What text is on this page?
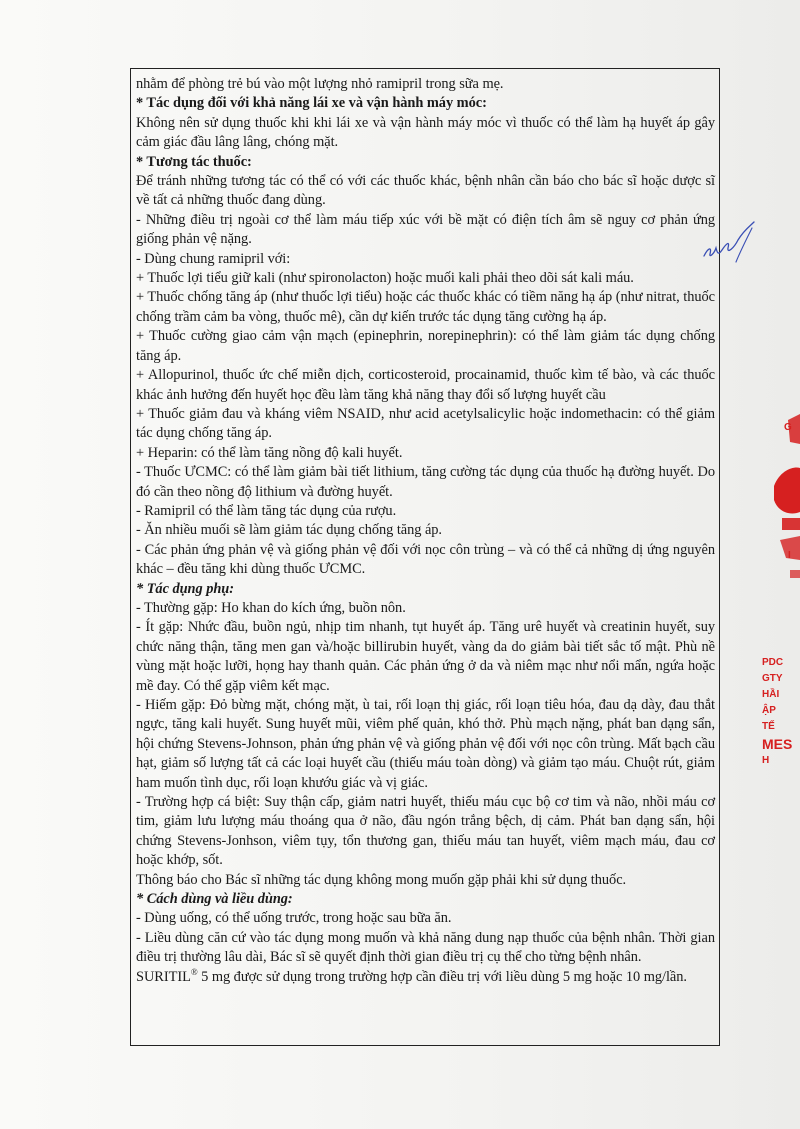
nhằm để phòng trẻ bú vào một lượng nhỏ ramipril trong sữa mẹ.

* Tác dụng đối với khả năng lái xe và vận hành máy móc:

Không nên sử dụng thuốc khi khi lái xe và vận hành máy móc vì thuốc có thể làm hạ huyết áp gây cảm giác đầu lâng lâng, chóng mặt.

* Tương tác thuốc:

Để tránh những tương tác có thể có với các thuốc khác, bệnh nhân cần báo cho bác sĩ hoặc dược sĩ về tất cả những thuốc đang dùng.

- Những điều trị ngoài cơ thể làm máu tiếp xúc với bề mặt có điện tích âm sẽ nguy cơ phản ứng giống phản vệ nặng.

- Dùng chung ramipril với:

+ Thuốc lợi tiểu giữ kali (như spironolacton) hoặc muối kali phải theo dõi sát kali máu.

+ Thuốc chống tăng áp (như thuốc lợi tiểu) hoặc các thuốc khác có tiềm năng hạ áp (như nitrat, thuốc chống trầm cảm ba vòng, thuốc mê), cần dự kiến trước tác dụng tăng cường hạ áp.

+ Thuốc cường giao cảm vận mạch (epinephrin, norepinephrin): có thể làm giảm tác dụng chống tăng áp.

+ Allopurinol, thuốc ức chế miễn dịch, corticosteroid, procainamid, thuốc kìm tế bào, và các thuốc khác ảnh hưởng đến huyết học đều làm tăng khả năng thay đổi số lượng huyết cầu

+ Thuốc giảm đau và kháng viêm NSAID, như acid acetylsalicylic hoặc indomethacin: có thể giảm tác dụng chống tăng áp.

+ Heparin: có thể làm tăng nồng độ kali huyết.

- Thuốc ƯCMC: có thể làm giảm bài tiết lithium, tăng cường tác dụng của thuốc hạ đường huyết. Do đó cần theo nồng độ lithium và đường huyết.

- Ramipril có thể làm tăng tác dụng của rượu.

- Ăn nhiều muối sẽ làm giảm tác dụng chống tăng áp.

- Các phản ứng phản vệ và giống phản vệ đối với nọc côn trùng – và có thể cả những dị ứng nguyên khác – đều tăng khi dùng thuốc ƯCMC.

* Tác dụng phụ:

- Thường gặp: Ho khan do kích ứng, buồn nôn.

- Ít gặp: Nhức đầu, buồn ngủ, nhịp tim nhanh, tụt huyết áp. Tăng urê huyết và creatinin huyết, suy chức năng thận, tăng men gan và/hoặc billirubin huyết, vàng da do giảm bài tiết sắc tố mật. Phù nề vùng mặt hoặc lưỡi, họng hay thanh quản. Các phản ứng ở da và niêm mạc như nổi mẩn, ngứa hoặc mề đay. Có thể gặp viêm kết mạc.

- Hiếm gặp: Đỏ bừng mặt, chóng mặt, ù tai, rối loạn thị giác, rối loạn tiêu hóa, đau dạ dày, đau thắt ngực, tăng kali huyết. Sung huyết mũi, viêm phế quản, khó thở. Phù mạch nặng, phát ban dạng sẩn, hội chứng Stevens-Johnson, phản ứng phản vệ và giống phản vệ đối với nọc côn trùng. Mất bạch cầu hạt, giảm số lượng tất cả các loại huyết cầu (thiếu máu toàn dòng) và giảm tạo máu. Chuột rút, giảm ham muốn tình dục, rối loạn khướu giác và vị giác.

- Trường hợp cá biệt: Suy thận cấp, giảm natri huyết, thiếu máu cục bộ cơ tim và não, nhồi máu cơ tim, giảm lưu lượng máu thoáng qua ở não, đầu ngón trắng bệch, dị cảm. Phát ban dạng sẩn, hội chứng Stevens-Jonhson, viêm tụy, tổn thương gan, thiếu máu tan huyết, viêm mạch máu, đau cơ hoặc khớp, sốt.

Thông báo cho Bác sĩ những tác dụng không mong muốn gặp phải khi sử dụng thuốc.

* Cách dùng và liều dùng:

- Dùng uống, có thể uống trước, trong hoặc sau bữa ăn.

- Liều dùng căn cứ vào tác dụng mong muốn và khả năng dung nạp thuốc của bệnh nhân. Thời gian điều trị thường lâu dài, Bác sĩ sẽ quyết định thời gian điều trị cụ thể cho từng bệnh nhân.

SURITIL® 5 mg được sử dụng trong trường hợp cần điều trị với liều dùng 5 mg hoặc 10 mg/lần.

G
I
PDC
GTY
HẦI
ẬP
TẾ
MES
H
